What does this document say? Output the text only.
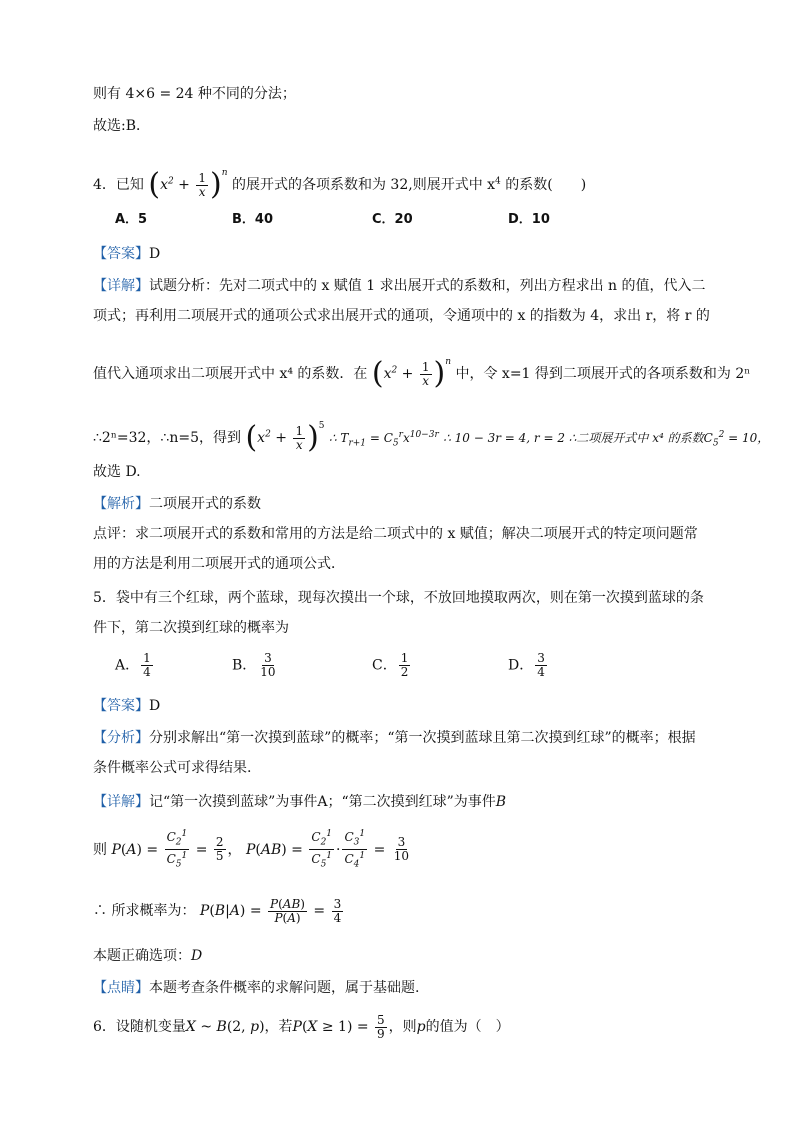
则有 4×6 = 24 种不同的分法；
故选:B．
4．已知 $(x^2 + \frac{1}{x} )^n$ 的展开式的各项系数和为 32,则展开式中 $x^4$ 的系数(　　)
A．5	B．40	C．20	D．10
【答案】D
【详解】试题分析：先对二项式中的 x 赋值 1 求出展开式的系数和，列出方程求出 n 的值，代入二
项式；再利用二项展开式的通项公式求出展开式的通项，令通项中的 x 的指数为 4，求出 r，将 r 的
值代入通项求出二项展开式中 x⁴ 的系数．在 $(x^2 + \frac{1}{x} )^n$ 中，令 x=1 得到二项展开式的各项系数和为 2ⁿ
∴2ⁿ=32，∴n=5，得到 $(x^2 + \frac{1}{x} )^5$ ∴ $T_{r+1} = C_5^rx^{10-3r}$ ∴ 10 − 3r = 4, r = 2 ∴二项展开式中 x⁴ 的系数$C_5^2 = 10$，
故选 D.
【解析】二项展开式的系数
点评：求二项展开式的系数和常用的方法是给二项式中的 x 赋值；解决二项展开式的特定项问题常
用的方法是利用二项展开式的通项公式．
5．袋中有三个红球，两个蓝球，现每次摸出一个球，不放回地摸取两次，则在第一次摸到蓝球的条
件下，第二次摸到红球的概率为
A． $\frac{1}{4}$	B． $\frac{3}{10}$	C． $\frac{1}{2}$	D． $\frac{3}{4}$
【答案】D
【分析】分别求解出“第一次摸到蓝球”的概率；“第一次摸到蓝球且第二次摸到红球”的概率；根据
条件概率公式可求得结果.
【详解】记“第一次摸到蓝球”为事件A；“第二次摸到红球”为事件B
则 $P(A) = \frac{C_2^1}{C_5^1} = \frac{2}{5}$ ， $P(AB) = \frac{C_2^1}{C_5^1} \cdot \frac{C_3^1}{C_4^1} = \frac{3}{10}$
∴ 所求概率为： $P(B|A) = \frac{P(AB)}{P(A)} = \frac{3}{4}$
本题正确选项：D
【点睛】本题考查条件概率的求解问题，属于基础题.
6．设随机变量X ~ B(2, p)，若$P(X \ge 1) = \frac{5}{9}$ ，则p的值为（　）
